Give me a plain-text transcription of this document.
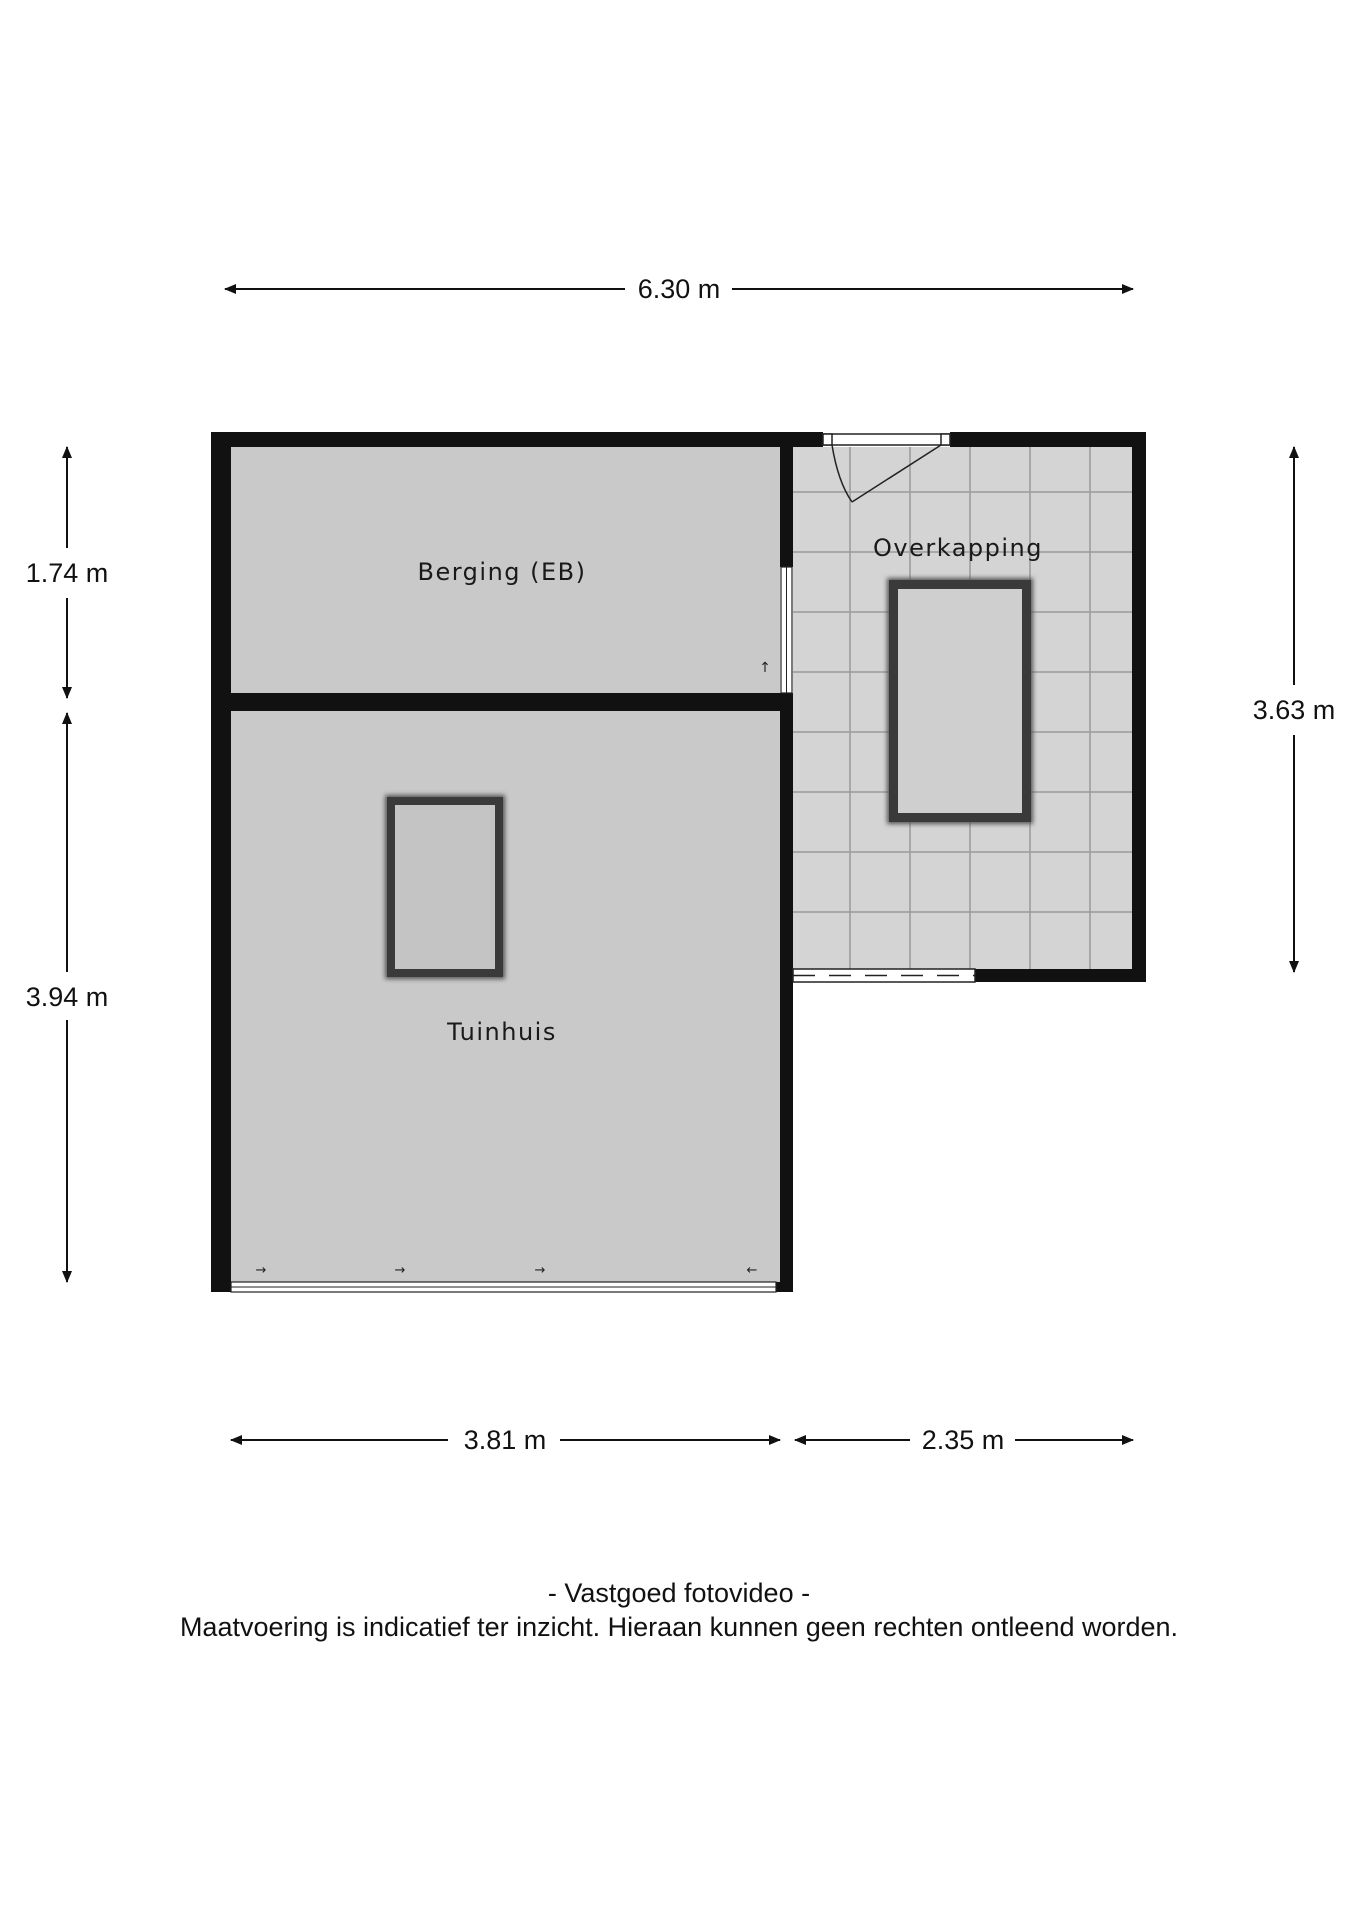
6.30 m
1.74 m
3.94 m
3.63 m
3.81 m	2.35 m
↑
→	→	→	←
Berging (EB)
Overkapping
Tuinhuis
- Vastgoed fotovideo -
Maatvoering is indicatief ter inzicht. Hieraan kunnen geen rechten ontleend worden.
